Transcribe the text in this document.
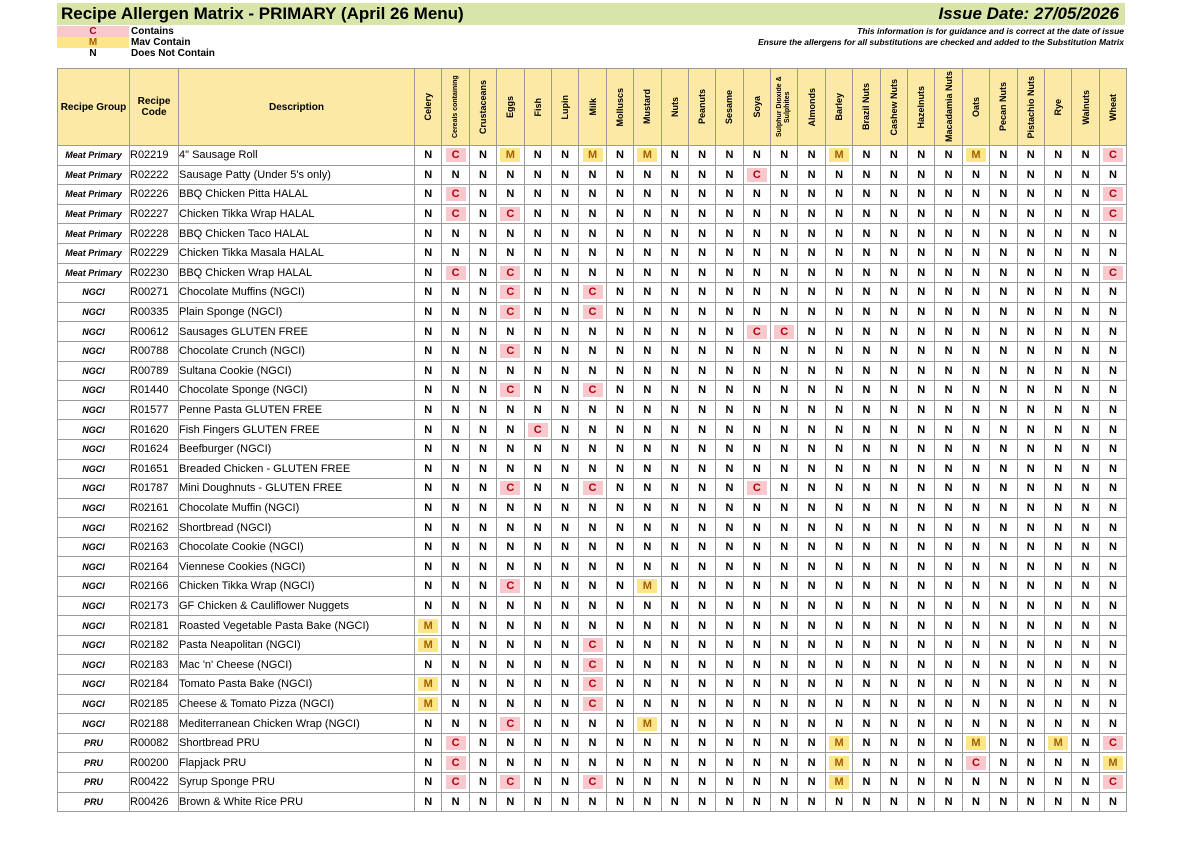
Recipe Allergen Matrix - PRIMARY (April 26 Menu)	Issue Date: 27/05/2026
C	Contains
M	Mav Contain
N	Does Not Contain
This information is for guidance and is correct at the date of issue
Ensure the allergens for all substitutions are checked and added to the Substitution Matrix
Recipe Group	Recipe Code	Description	Celery	Cereals containing	Crustaceans	Eggs	Fish	Lupin	Milk	Molluscs	Mustard	Nuts	Peanuts	Sesame	Soya	Sulphur Dioxide & Sulphites	Almonds	Barley	Brazil Nuts	Cashew Nuts	Hazelnuts	Macadamia Nuts	Oats	Pecan Nuts	Pistachio Nuts	Rye	Walnuts	Wheat

Meat Primary	R02219	4" Sausage Roll	N	C	N	M	N	N	M	N	M	N	N	N	N	N	N	M	N	N	N	N	M	N	N	N	N	C
Meat Primary	R02222	Sausage Patty (Under 5's only)	N	N	N	N	N	N	N	N	N	N	N	N	C	N	N	N	N	N	N	N	N	N	N	N	N	N
Meat Primary	R02226	BBQ Chicken Pitta HALAL	N	C	N	N	N	N	N	N	N	N	N	N	N	N	N	N	N	N	N	N	N	N	N	N	N	C
Meat Primary	R02227	Chicken Tikka Wrap HALAL	N	C	N	C	N	N	N	N	N	N	N	N	N	N	N	N	N	N	N	N	N	N	N	N	N	C
Meat Primary	R02228	BBQ Chicken Taco HALAL	N	N	N	N	N	N	N	N	N	N	N	N	N	N	N	N	N	N	N	N	N	N	N	N	N	N
Meat Primary	R02229	Chicken Tikka Masala HALAL	N	N	N	N	N	N	N	N	N	N	N	N	N	N	N	N	N	N	N	N	N	N	N	N	N	N
Meat Primary	R02230	BBQ Chicken Wrap HALAL	N	C	N	C	N	N	N	N	N	N	N	N	N	N	N	N	N	N	N	N	N	N	N	N	N	C
NGCI	R00271	Chocolate Muffins (NGCI)	N	N	N	C	N	N	C	N	N	N	N	N	N	N	N	N	N	N	N	N	N	N	N	N	N	N
NGCI	R00335	Plain Sponge (NGCI)	N	N	N	C	N	N	C	N	N	N	N	N	N	N	N	N	N	N	N	N	N	N	N	N	N	N
NGCI	R00612	Sausages GLUTEN FREE	N	N	N	N	N	N	N	N	N	N	N	N	C	C	N	N	N	N	N	N	N	N	N	N	N	N
NGCI	R00788	Chocolate Crunch (NGCI)	N	N	N	C	N	N	N	N	N	N	N	N	N	N	N	N	N	N	N	N	N	N	N	N	N	N
NGCI	R00789	Sultana Cookie (NGCI)	N	N	N	N	N	N	N	N	N	N	N	N	N	N	N	N	N	N	N	N	N	N	N	N	N	N
NGCI	R01440	Chocolate Sponge (NGCI)	N	N	N	C	N	N	C	N	N	N	N	N	N	N	N	N	N	N	N	N	N	N	N	N	N	N
NGCI	R01577	Penne Pasta GLUTEN FREE	N	N	N	N	N	N	N	N	N	N	N	N	N	N	N	N	N	N	N	N	N	N	N	N	N	N
NGCI	R01620	Fish Fingers GLUTEN FREE	N	N	N	N	C	N	N	N	N	N	N	N	N	N	N	N	N	N	N	N	N	N	N	N	N	N
NGCI	R01624	Beefburger (NGCI)	N	N	N	N	N	N	N	N	N	N	N	N	N	N	N	N	N	N	N	N	N	N	N	N	N	N
NGCI	R01651	Breaded Chicken - GLUTEN FREE	N	N	N	N	N	N	N	N	N	N	N	N	N	N	N	N	N	N	N	N	N	N	N	N	N	N
NGCI	R01787	Mini Doughnuts - GLUTEN FREE	N	N	N	C	N	N	C	N	N	N	N	N	C	N	N	N	N	N	N	N	N	N	N	N	N	N
NGCI	R02161	Chocolate Muffin (NGCI)	N	N	N	N	N	N	N	N	N	N	N	N	N	N	N	N	N	N	N	N	N	N	N	N	N	N
NGCI	R02162	Shortbread (NGCI)	N	N	N	N	N	N	N	N	N	N	N	N	N	N	N	N	N	N	N	N	N	N	N	N	N	N
NGCI	R02163	Chocolate Cookie (NGCI)	N	N	N	N	N	N	N	N	N	N	N	N	N	N	N	N	N	N	N	N	N	N	N	N	N	N
NGCI	R02164	Viennese Cookies (NGCI)	N	N	N	N	N	N	N	N	N	N	N	N	N	N	N	N	N	N	N	N	N	N	N	N	N	N
NGCI	R02166	Chicken Tikka Wrap (NGCI)	N	N	N	C	N	N	N	N	M	N	N	N	N	N	N	N	N	N	N	N	N	N	N	N	N	N
NGCI	R02173	GF Chicken & Cauliflower Nuggets	N	N	N	N	N	N	N	N	N	N	N	N	N	N	N	N	N	N	N	N	N	N	N	N	N	N
NGCI	R02181	Roasted Vegetable Pasta Bake (NGCI)	M	N	N	N	N	N	N	N	N	N	N	N	N	N	N	N	N	N	N	N	N	N	N	N	N	N
NGCI	R02182	Pasta Neapolitan (NGCI)	M	N	N	N	N	N	C	N	N	N	N	N	N	N	N	N	N	N	N	N	N	N	N	N	N	N
NGCI	R02183	Mac 'n' Cheese (NGCI)	N	N	N	N	N	N	C	N	N	N	N	N	N	N	N	N	N	N	N	N	N	N	N	N	N	N
NGCI	R02184	Tomato Pasta Bake (NGCI)	M	N	N	N	N	N	C	N	N	N	N	N	N	N	N	N	N	N	N	N	N	N	N	N	N	N
NGCI	R02185	Cheese & Tomato Pizza (NGCI)	M	N	N	N	N	N	C	N	N	N	N	N	N	N	N	N	N	N	N	N	N	N	N	N	N	N
NGCI	R02188	Mediterranean Chicken Wrap (NGCI)	N	N	N	C	N	N	N	N	M	N	N	N	N	N	N	N	N	N	N	N	N	N	N	N	N	N
PRU	R00082	Shortbread PRU	N	C	N	N	N	N	N	N	N	N	N	N	N	N	N	M	N	N	N	N	M	N	N	M	N	C
PRU	R00200	Flapjack PRU	N	C	N	N	N	N	N	N	N	N	N	N	N	N	N	M	N	N	N	N	C	N	N	N	N	M
PRU	R00422	Syrup Sponge PRU	N	C	N	C	N	N	C	N	N	N	N	N	N	N	N	M	N	N	N	N	N	N	N	N	N	C
PRU	R00426	Brown & White Rice PRU	N	N	N	N	N	N	N	N	N	N	N	N	N	N	N	N	N	N	N	N	N	N	N	N	N	N
